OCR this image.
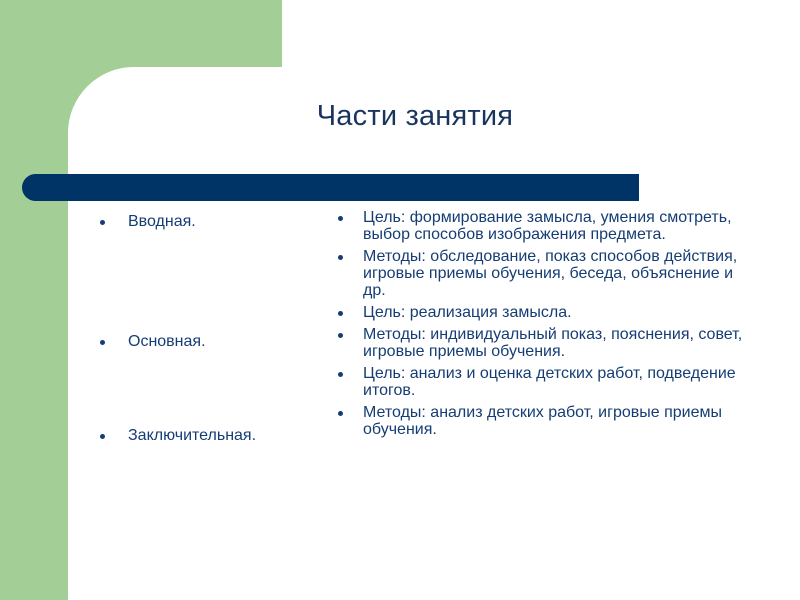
Части занятия
Вводная.
Основная.
Заключительная.
Цель: формирование замысла, умения смотреть, выбор способов изображения предмета.
Методы: обследование, показ способов действия, игровые приемы обучения, беседа, объяснение и др.
Цель: реализация замысла.
Методы: индивидуальный показ, пояснения, совет, игровые приемы обучения.
Цель: анализ и оценка детских работ, подведение итогов.
Методы: анализ детских работ, игровые приемы обучения.
